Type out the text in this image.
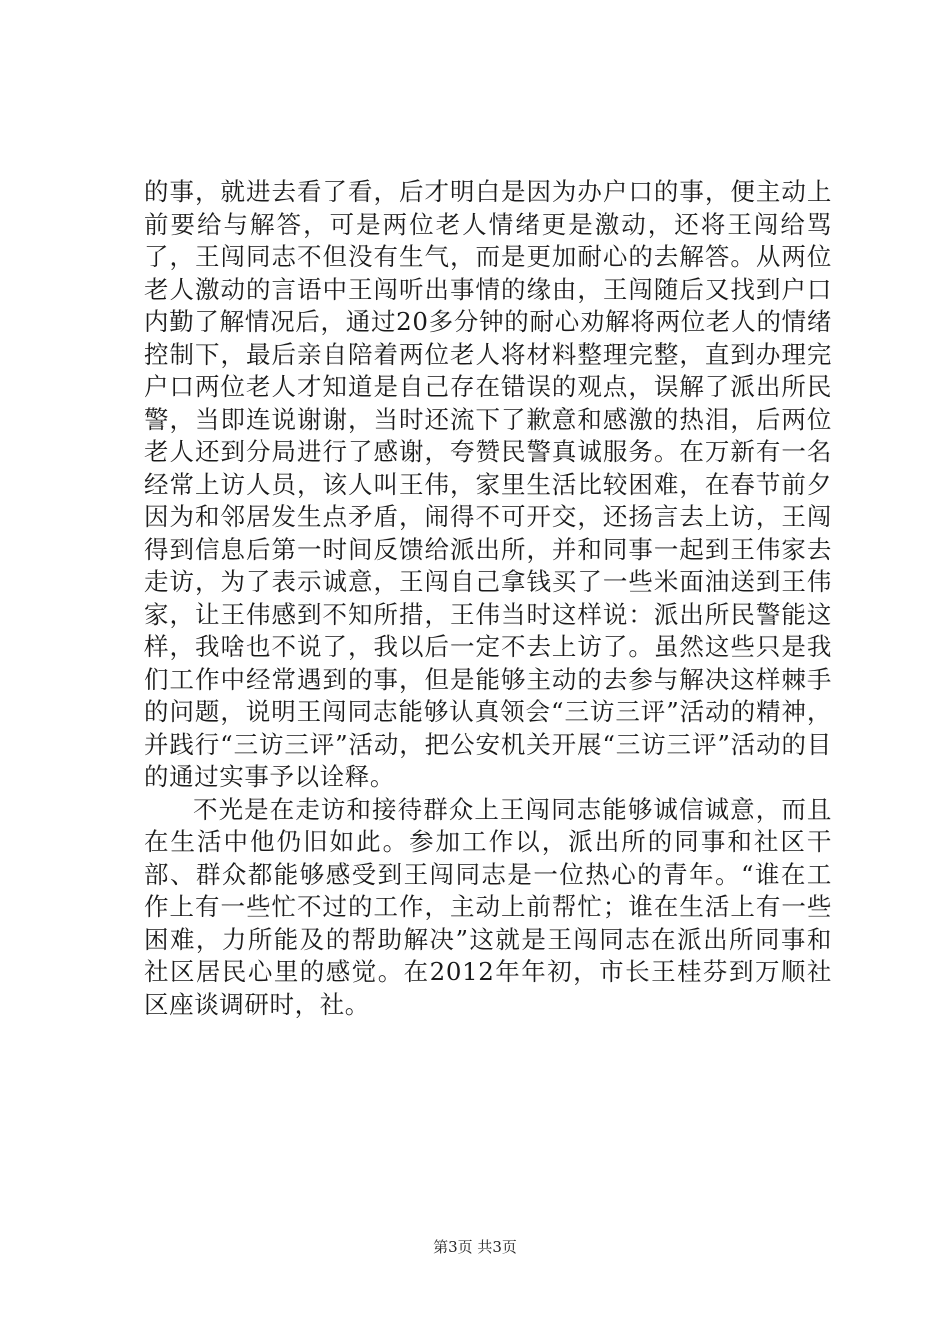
的事，就进去看了看，后才明白是因为办户口的事，便主动上前要给与解答，可是两位老人情绪更是激动，还将王闯给骂了，王闯同志不但没有生气，而是更加耐心的去解答。从两位老人激动的言语中王闯听出事情的缘由，王闯随后又找到户口内勤了解情况后，通过20多分钟的耐心劝解将两位老人的情绪控制下，最后亲自陪着两位老人将材料整理完整，直到办理完户口两位老人才知道是自己存在错误的观点，误解了派出所民警，当即连说谢谢，当时还流下了歉意和感激的热泪，后两位老人还到分局进行了感谢，夸赞民警真诚服务。在万新有一名经常上访人员，该人叫王伟，家里生活比较困难，在春节前夕因为和邻居发生点矛盾，闹得不可开交，还扬言去上访，王闯得到信息后第一时间反馈给派出所，并和同事一起到王伟家去走访，为了表示诚意，王闯自己拿钱买了一些米面油送到王伟家，让王伟感到不知所措，王伟当时这样说：派出所民警能这样，我啥也不说了，我以后一定不去上访了。虽然这些只是我们工作中经常遇到的事，但是能够主动的去参与解决这样棘手的问题，说明王闯同志能够认真领会“三访三评”活动的精神，并践行“三访三评”活动，把公安机关开展“三访三评”活动的目的通过实事予以诠释。

不光是在走访和接待群众上王闯同志能够诚信诚意，而且在生活中他仍旧如此。参加工作以，派出所的同事和社区干部、群众都能够感受到王闯同志是一位热心的青年。“谁在工作上有一些忙不过的工作，主动上前帮忙；谁在生活上有一些困难，力所能及的帮助解决”这就是王闯同志在派出所同事和社区居民心里的感觉。在2012年年初，市长王桂芬到万顺社区座谈调研时，社。

第3页 共3页
